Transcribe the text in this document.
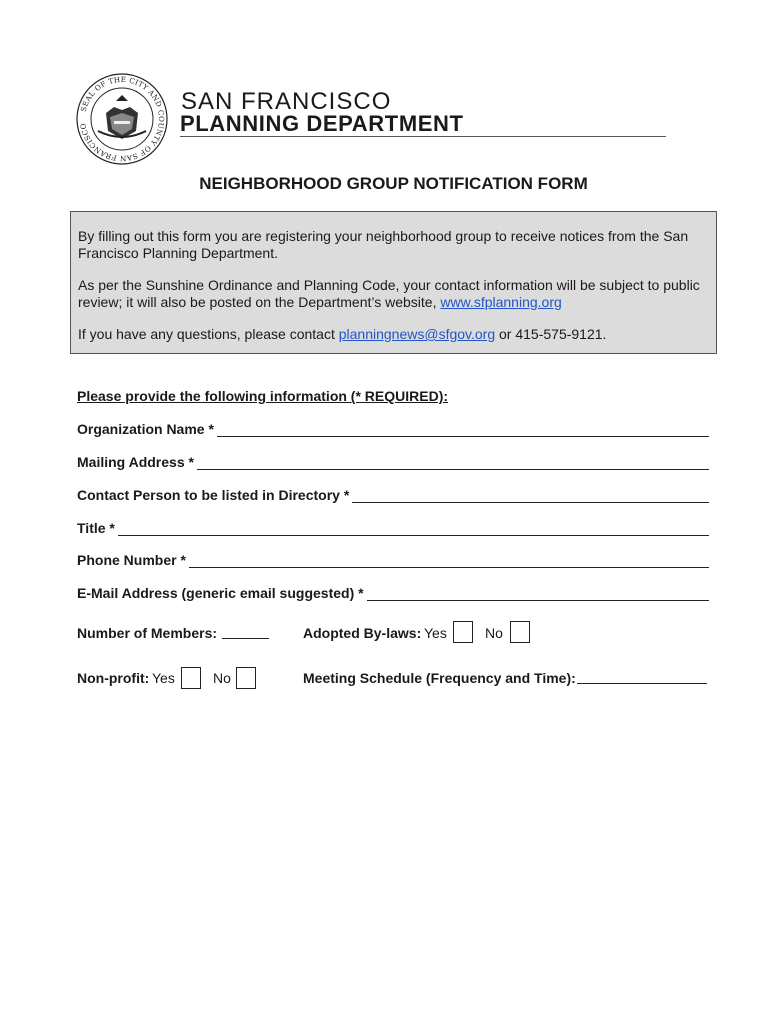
SEAL OF THE CITY AND COUNTY OF SAN FRANCISCO
SAN FRANCISCO
PLANNING DEPARTMENT
NEIGHBORHOOD GROUP NOTIFICATION FORM

By filling out this form you are registering your neighborhood group to receive notices from the San Francisco Planning Department.

As per the Sunshine Ordinance and Planning Code, your contact information will be subject to public review; it will also be posted on the Department’s website, www.sfplanning.org

If you have any questions, please contact planningnews@sfgov.org or 415-575-9121.

Please provide the following information (* REQUIRED):
Organization Name *
Mailing Address *
Contact Person to be listed in Directory *
Title *
Phone Number *
E-Mail Address (generic email suggested) *
Number of Members:	Adopted By-laws: Yes	No
Non-profit: Yes	No	Meeting Schedule (Frequency and Time):
